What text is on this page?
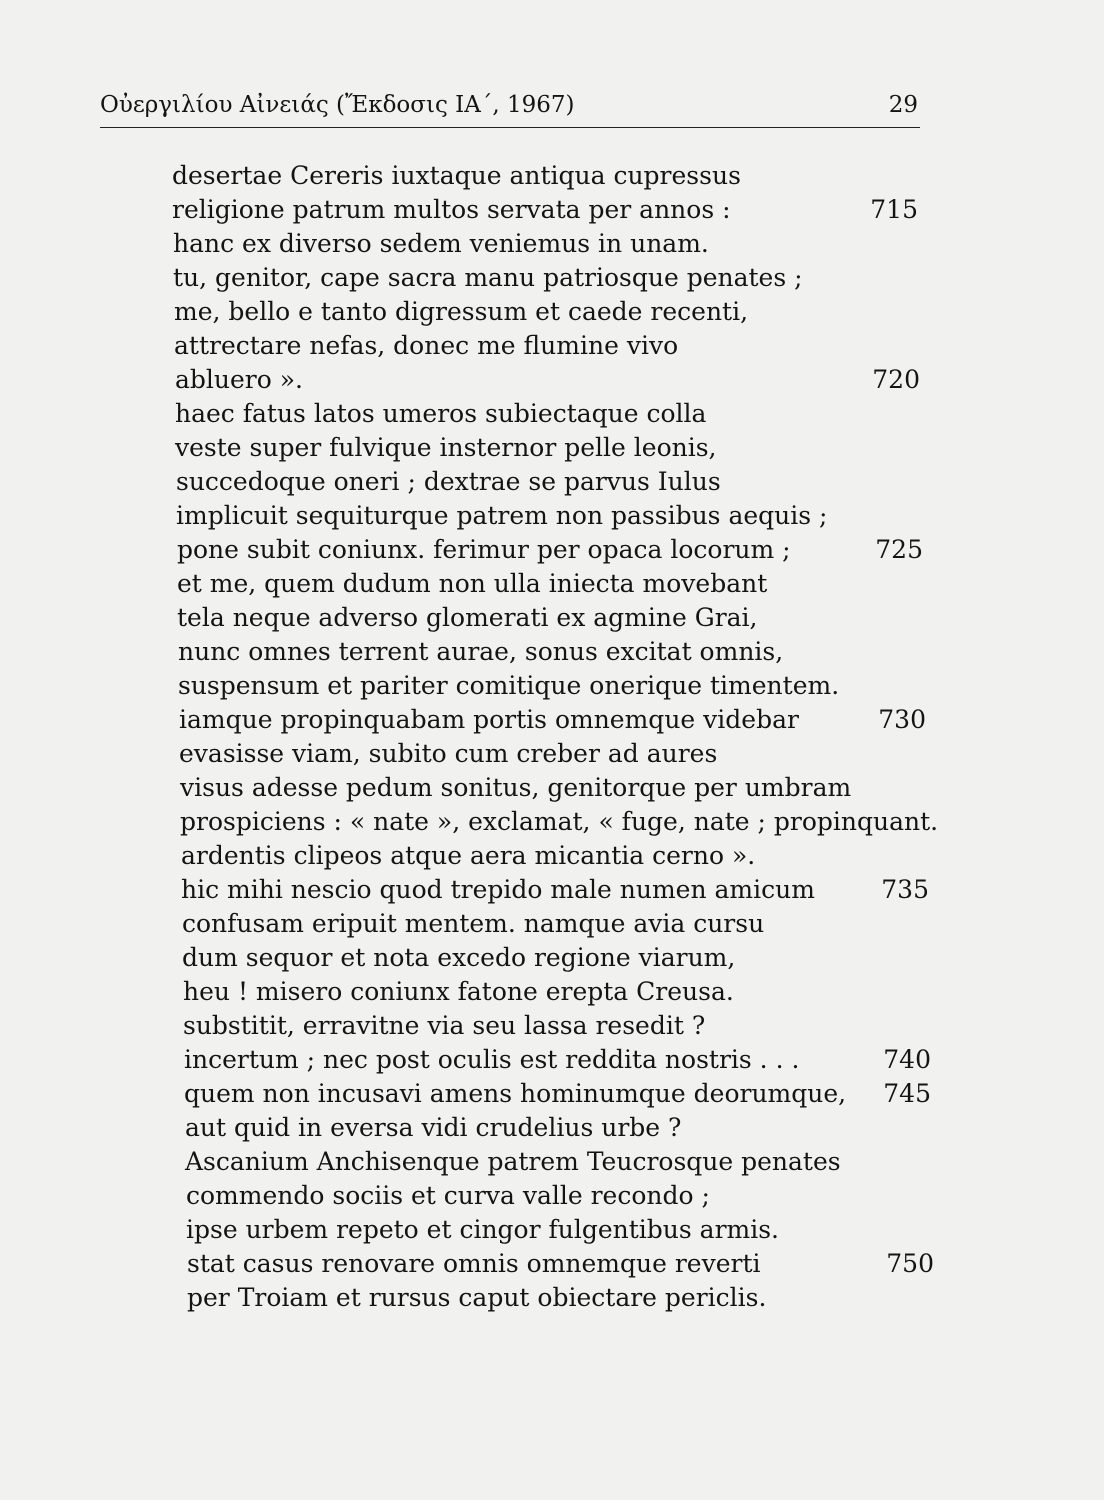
Οὐεργιλίου Αἰνειάς (Ἔκδοσις ΙΑ΄, 1967)	29
desertae Cereris iuxtaque antiqua cupressus
religione patrum multos servata per annos :
hanc ex diverso sedem veniemus in unam.
tu, genitor, cape sacra manu patriosque penates ;
me, bello e tanto digressum et caede recenti,
attrectare nefas, donec me flumine vivo
abluero ».
haec fatus latos umeros subiectaque colla
veste super fulvique insternor pelle leonis,
succedoque oneri ; dextrae se parvus Iulus
implicuit sequiturque patrem non passibus aequis ;
pone subit coniunx. ferimur per opaca locorum ;
et me, quem dudum non ulla iniecta movebant
tela neque adverso glomerati ex agmine Grai,
nunc omnes terrent aurae, sonus excitat omnis,
suspensum et pariter comitique onerique timentem.
iamque propinquabam portis omnemque videbar
evasisse viam, subito cum creber ad aures
visus adesse pedum sonitus, genitorque per umbram
prospiciens : « nate », exclamat, « fuge, nate ; propinquant.
ardentis clipeos atque aera micantia cerno ».
hic mihi nescio quod trepido male numen amicum
confusam eripuit mentem. namque avia cursu
dum sequor et nota excedo regione viarum,
heu ! misero coniunx fatone erepta Creusa.
substitit, erravitne via seu lassa resedit ?
incertum ; nec post oculis est reddita nostris . . .
quem non incusavi amens hominumque deorumque,
aut quid in eversa vidi crudelius urbe ?
Ascanium Anchisenque patrem Teucrosque penates
commendo sociis et curva valle recondo ;
ipse urbem repeto et cingor fulgentibus armis.
stat casus renovare omnis omnemque reverti
per Troiam et rursus caput obiectare periclis.
715
720
725
730
735
740
745
750
